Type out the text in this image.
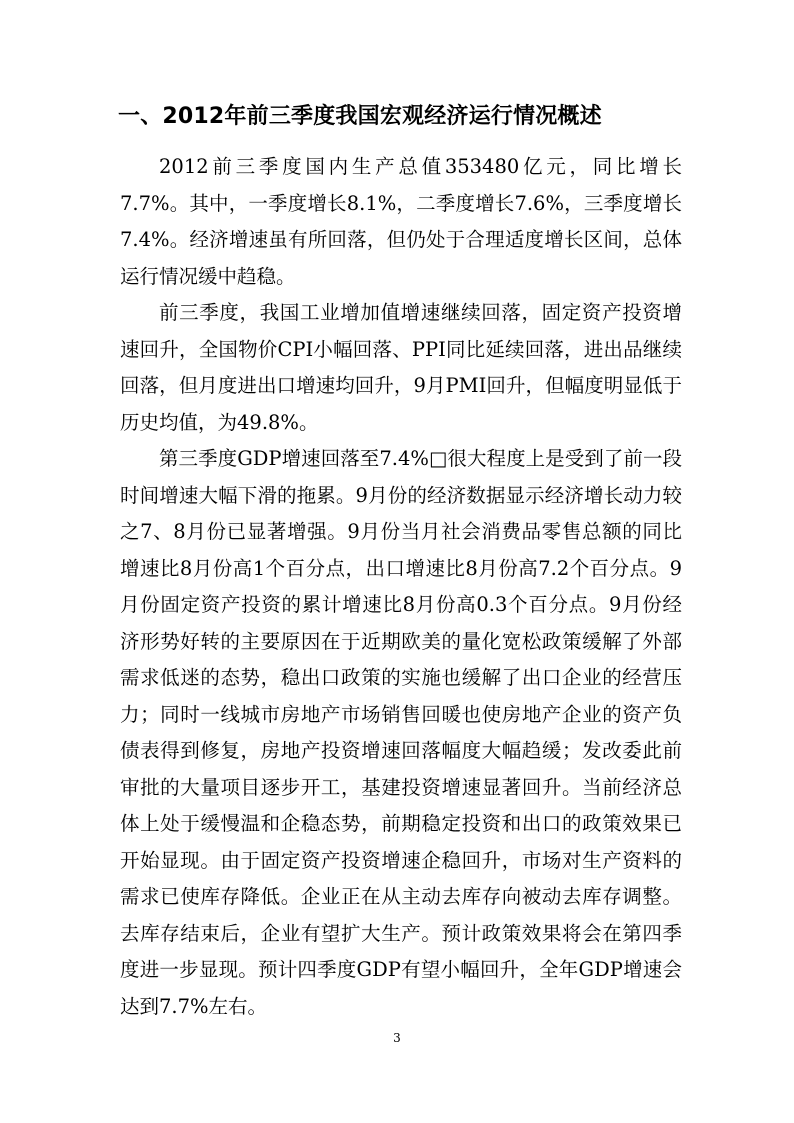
一、2012年前三季度我国宏观经济运行情况概述

2012前三季度国内生产总值353480亿元，同比增长7.7%。其中，一季度增长8.1%，二季度增长7.6%，三季度增长7.4%。经济增速虽有所回落，但仍处于合理适度增长区间，总体运行情况缓中趋稳。

前三季度，我国工业增加值增速继续回落，固定资产投资增速回升，全国物价CPI小幅回落、PPI同比延续回落，进出品继续回落，但月度进出口增速均回升，9月PMI回升，但幅度明显低于历史均值，为49.8%。

第三季度GDP增速回落至7.4%□很大程度上是受到了前一段时间增速大幅下滑的拖累。9月份的经济数据显示经济增长动力较之7、8月份已显著增强。9月份当月社会消费品零售总额的同比增速比8月份高1个百分点，出口增速比8月份高7.2个百分点。9月份固定资产投资的累计增速比8月份高0.3个百分点。9月份经济形势好转的主要原因在于近期欧美的量化宽松政策缓解了外部需求低迷的态势，稳出口政策的实施也缓解了出口企业的经营压力；同时一线城市房地产市场销售回暖也使房地产企业的资产负债表得到修复，房地产投资增速回落幅度大幅趋缓；发改委此前审批的大量项目逐步开工，基建投资增速显著回升。当前经济总体上处于缓慢温和企稳态势，前期稳定投资和出口的政策效果已开始显现。由于固定资产投资增速企稳回升，市场对生产资料的需求已使库存降低。企业正在从主动去库存向被动去库存调整。去库存结束后，企业有望扩大生产。预计政策效果将会在第四季度进一步显现。预计四季度GDP有望小幅回升，全年GDP增速会达到7.7%左右。

3
